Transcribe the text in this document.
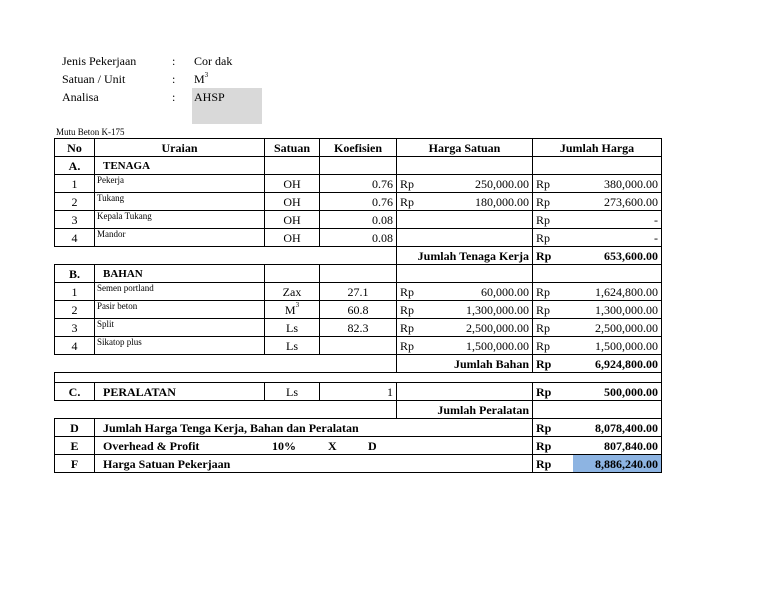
Jenis Pekerjaan	: Cor dak
Satuan / Unit	: $M^3$
Analisa	: AHSP
Mutu Beton K-175
No	Uraian	Satuan	Koefisien	Harga Satuan		Jumlah Harga	
A.	TENAGA						
1	Pekerja	OH	0.76	Rp	250,000.00	Rp	380,000.00
2	Tukang	OH	0.76	Rp	180,000.00	Rp	273,600.00
3	Kepala Tukang	OH	0.08			Rp	-
4	Mandor	OH	0.08			Rp	-
				Jumlah Tenaga Kerja		Rp	653,600.00
B.	BAHAN						
1	Semen portland	Zax	27.1	Rp	60,000.00	Rp	1,624,800.00
2	Pasir beton	$M^3$	60.8	Rp	1,300,000.00	Rp	1,300,000.00
3	Split	Ls	82.3	Rp	2,500,000.00	Rp	2,500,000.00
4	Sikatop plus	Ls		Rp	1,500,000.00	Rp	1,500,000.00
				Jumlah Bahan		Rp	6,924,800.00

C.	PERALATAN	Ls	1			Rp	500,000.00
				Jumlah Peralatan			
D	Jumlah Harga Tenga Kerja, Bahan dan Peralatan					Rp	8,078,400.00
E	Overhead & Profit 10% X D					Rp	807,840.00
F	Harga Satuan Pekerjaan					Rp	8,886,240.00
